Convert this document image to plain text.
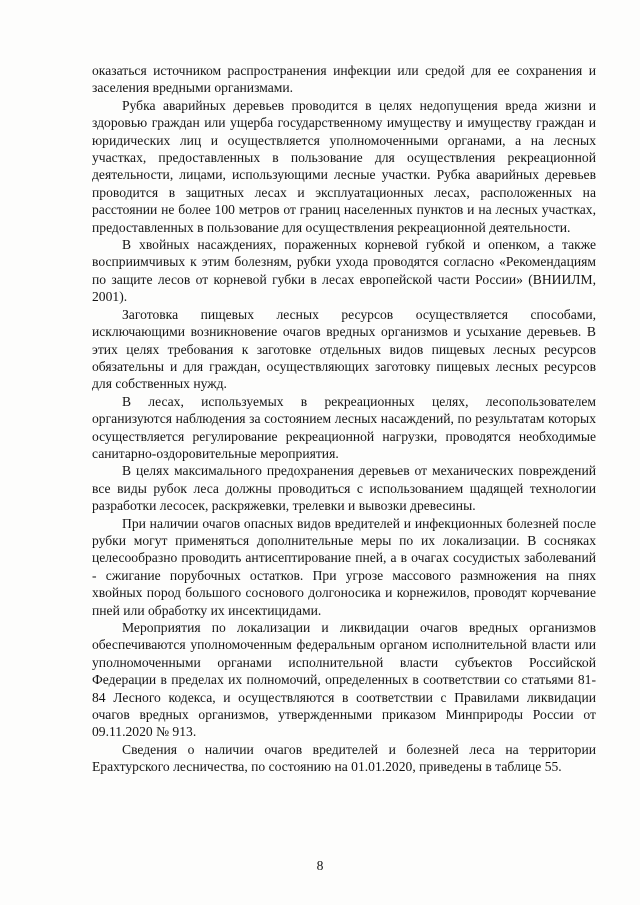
оказаться источником распространения инфекции или средой для ее сохранения и заселения вредными организмами.

Рубка аварийных деревьев проводится в целях недопущения вреда жизни и здоровью граждан или ущерба государственному имуществу и имуществу граждан и юридических лиц и осуществляется уполномоченными органами, а на лесных участках, предоставленных в пользование для осуществления рекреационной деятельности, лицами, использующими лесные участки. Рубка аварийных деревьев проводится в защитных лесах и эксплуатационных лесах, расположенных на расстоянии не более 100 метров от границ населенных пунктов и на лесных участках, предоставленных в пользование для осуществления рекреационной деятельности.

В хвойных насаждениях, пораженных корневой губкой и опенком, а также восприимчивых к этим болезням, рубки ухода проводятся согласно «Рекомендациям по защите лесов от корневой губки в лесах европейской части России» (ВНИИЛМ, 2001).

Заготовка пищевых лесных ресурсов осуществляется способами, исключающими возникновение очагов вредных организмов и усыхание деревьев. В этих целях требования к заготовке отдельных видов пищевых лесных ресурсов обязательны и для граждан, осуществляющих заготовку пищевых лесных ресурсов для собственных нужд.

В лесах, используемых в рекреационных целях, лесопользователем организуются наблюдения за состоянием лесных насаждений, по результатам которых осуществляется регулирование рекреационной нагрузки, проводятся необходимые санитарно-оздоровительные мероприятия.

В целях максимального предохранения деревьев от механических повреждений все виды рубок леса должны проводиться с использованием щадящей технологии разработки лесосек, раскряжевки, трелевки и вывозки древесины.

При наличии очагов опасных видов вредителей и инфекционных болезней после рубки могут применяться дополнительные меры по их локализации. В сосняках целесообразно проводить антисептирование пней, а в очагах сосудистых заболеваний - сжигание порубочных остатков. При угрозе массового размножения на пнях хвойных пород большого соснового долгоносика и корнежилов, проводят корчевание пней или обработку их инсектицидами.

Мероприятия по локализации и ликвидации очагов вредных организмов обеспечиваются уполномоченным федеральным органом исполнительной власти или уполномоченными органами исполнительной власти субъектов Российской Федерации в пределах их полномочий, определенных в соответствии со статьями 81-84 Лесного кодекса, и осуществляются в соответствии с Правилами ликвидации очагов вредных организмов, утвержденными приказом Минприроды России от 09.11.2020 № 913.

Сведения о наличии очагов вредителей и болезней леса на территории Ерахтурского лесничества, по состоянию на 01.01.2020, приведены в таблице 55.

8
